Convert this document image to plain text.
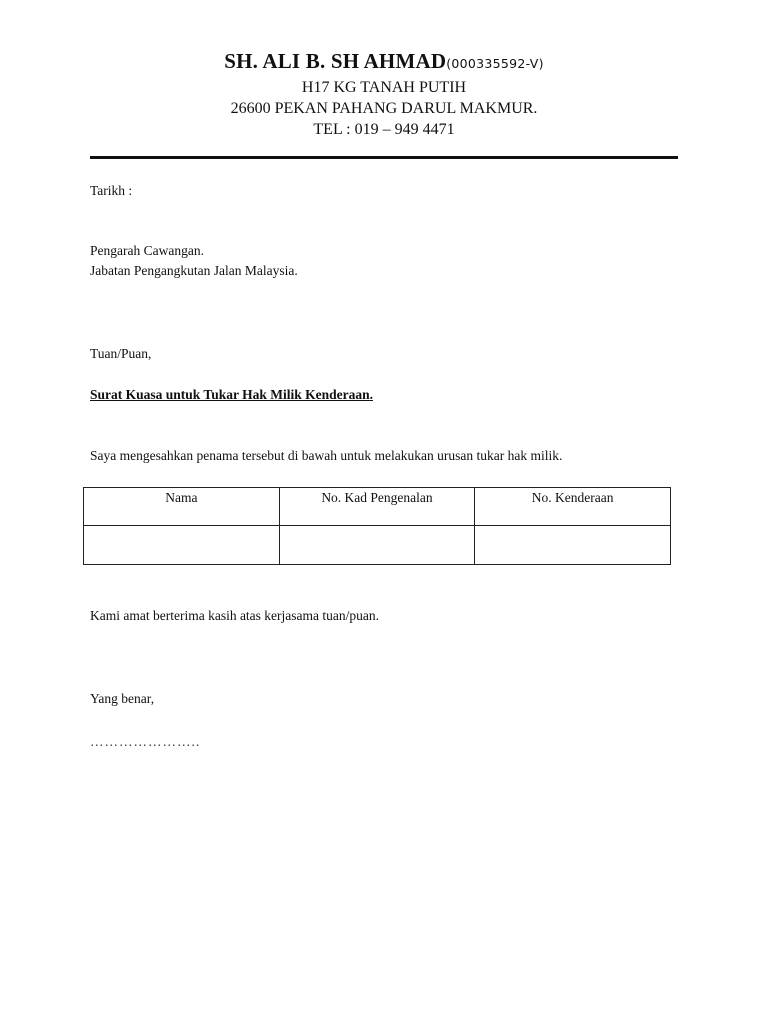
SH. ALI B. SH AHMAD(000335592-V)
H17 KG TANAH PUTIH
26600 PEKAN PAHANG DARUL MAKMUR.
TEL : 019 – 949 4471
Tarikh :
Pengarah Cawangan.
Jabatan Pengangkutan Jalan Malaysia.
Tuan/Puan,
Surat Kuasa untuk Tukar Hak Milik Kenderaan.
Saya mengesahkan penama tersebut di bawah untuk melakukan urusan tukar hak milik.
Nama	No. Kad Pengenalan	No. Kenderaan

Kami amat berterima kasih atas kerjasama tuan/puan.
Yang benar,
…………………..
